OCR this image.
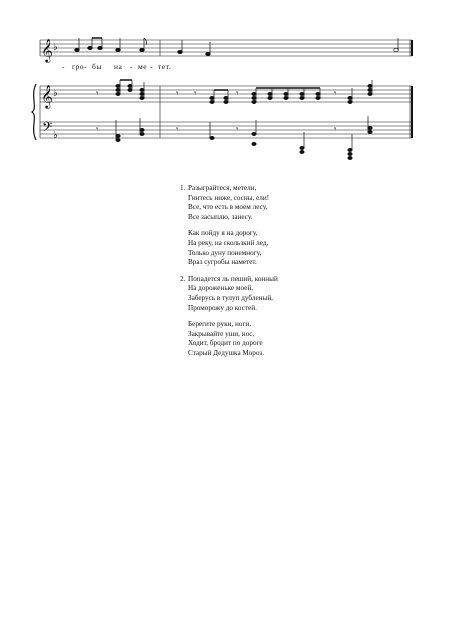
𝄞
𝄞
𝄢
♭
♭
♭
𝄾	𝄾 𝄾	𝄾	𝄾
𝄾	𝄾	𝄾	𝄾
- гро- бы на - ме - тет.
1. Разыграйтеся, метели,
Гнитесь ниже, сосны, ели!
Все, что есть в моем лесу,
Все засыплю, занесу.
Как пойду я на дорогу,
На реку, на скользкий лед,
Только дуну понемногу,
Враз сугробы наметет.
2. Попадется ль пеший, конный
На дороженьке моей,
Заберусь в тулуп дубленый,
Проморожу до костей.
Берегите руки, ноги,
Закрывайте уши, нос,
Ходит, бродит по дороге
Старый Дедушка Мороз.
